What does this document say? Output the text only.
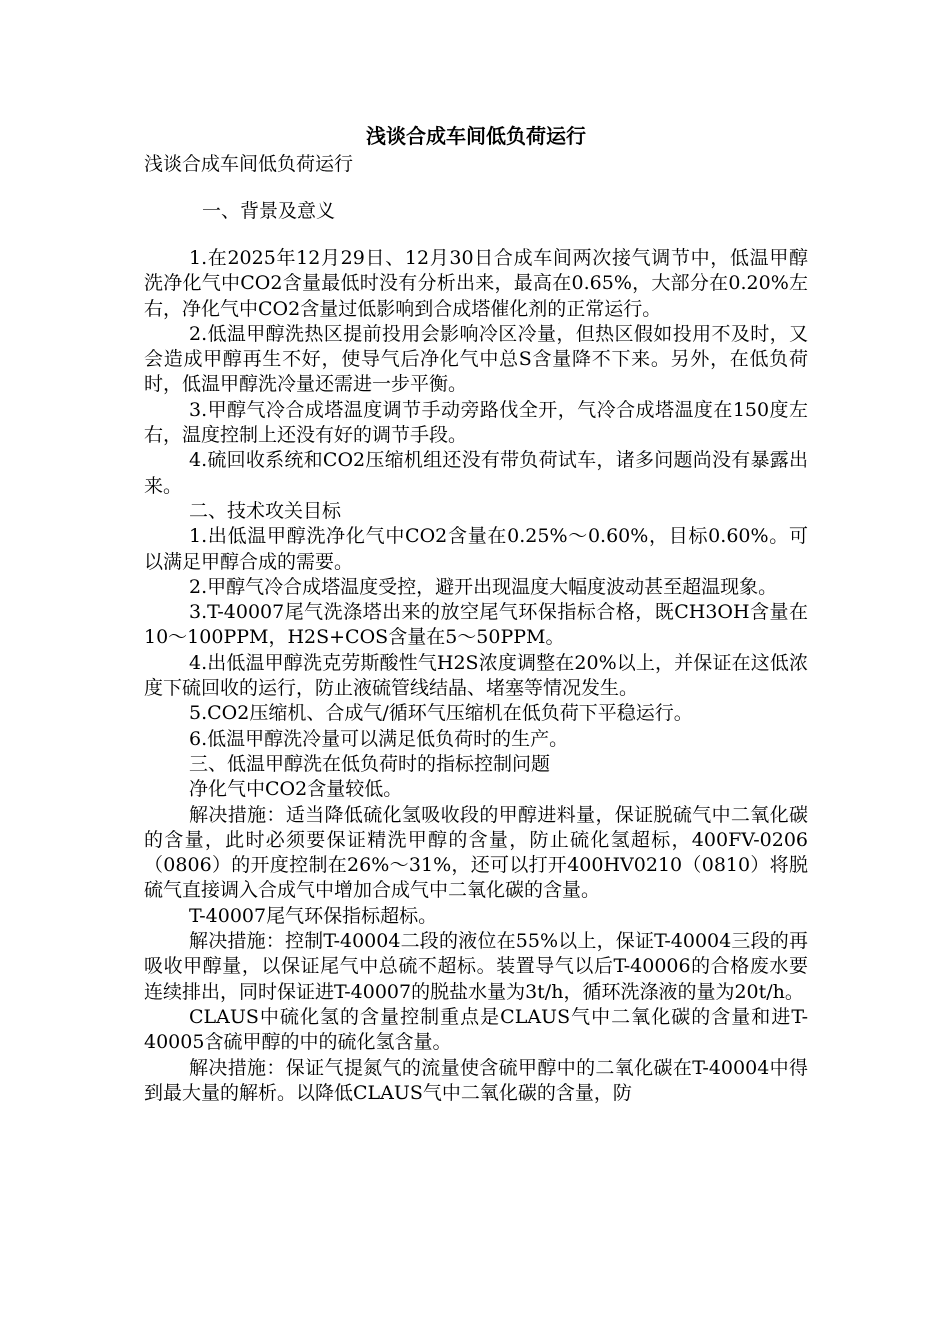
浅谈合成车间低负荷运行

浅谈合成车间低负荷运行

一、背景及意义

1.在2025年12月29日、12月30日合成车间两次接气调节中，低温甲醇洗净化气中CO2含量最低时没有分析出来，最高在0.65%，大部分在0.20%左右，净化气中CO2含量过低影响到合成塔催化剂的正常运行。

2.低温甲醇洗热区提前投用会影响冷区冷量，但热区假如投用不及时，又会造成甲醇再生不好，使导气后净化气中总S含量降不下来。另外，在低负荷时，低温甲醇洗冷量还需进一步平衡。

3.甲醇气冷合成塔温度调节手动旁路伐全开，气冷合成塔温度在150度左右，温度控制上还没有好的调节手段。

4.硫回收系统和CO2压缩机组还没有带负荷试车，诸多问题尚没有暴露出来。

二、技术攻关目标

1.出低温甲醇洗净化气中CO2含量在0.25%～0.60%，目标0.60%。可以满足甲醇合成的需要。

2.甲醇气冷合成塔温度受控，避开出现温度大幅度波动甚至超温现象。

3.T-40007尾气洗涤塔出来的放空尾气环保指标合格，既CH3OH含量在10～100PPM，H2S+COS含量在5～50PPM。

4.出低温甲醇洗克劳斯酸性气H2S浓度调整在20%以上，并保证在这低浓度下硫回收的运行，防止液硫管线结晶、堵塞等情况发生。

5.CO2压缩机、合成气/循环气压缩机在低负荷下平稳运行。

6.低温甲醇洗冷量可以满足低负荷时的生产。

三、低温甲醇洗在低负荷时的指标控制问题

净化气中CO2含量较低。

解决措施：适当降低硫化氢吸收段的甲醇进料量，保证脱硫气中二氧化碳的含量，此时必须要保证精洗甲醇的含量，防止硫化氢超标，400FV-0206（0806）的开度控制在26%～31%，还可以打开400HV0210（0810）将脱硫气直接调入合成气中增加合成气中二氧化碳的含量。

T-40007尾气环保指标超标。

解决措施：控制T-40004二段的液位在55%以上，保证T-40004三段的再吸收甲醇量，以保证尾气中总硫不超标。装置导气以后T-40006的合格废水要连续排出，同时保证进T-40007的脱盐水量为3t/h，循环洗涤液的量为20t/h。

CLAUS中硫化氢的含量控制重点是CLAUS气中二氧化碳的含量和进T-40005含硫甲醇的中的硫化氢含量。

解决措施：保证气提氮气的流量使含硫甲醇中的二氧化碳在T-40004中得到最大量的解析。以降低CLAUS气中二氧化碳的含量，防
